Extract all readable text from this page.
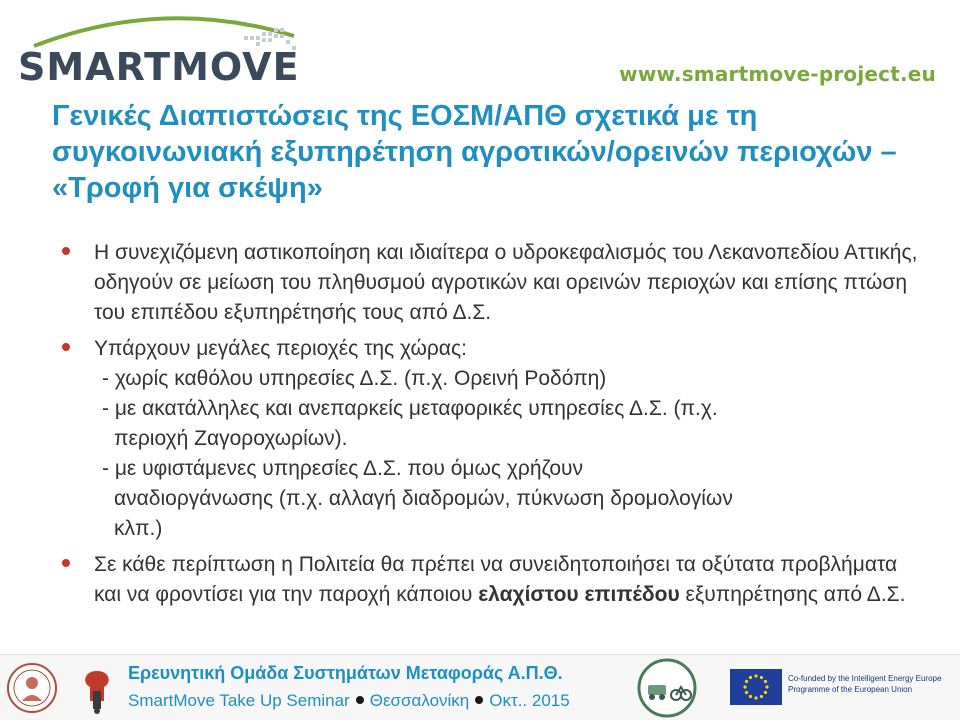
SMARTMOVE	www.smartmove-project.eu
Γενικές Διαπιστώσεις της ΕΟΣΜ/ΑΠΘ σχετικά με τη συγκοινωνιακή εξυπηρέτηση αγροτικών/ορεινών περιοχών – «Τροφή για σκέψη»
Η συνεχιζόμενη αστικοποίηση και ιδιαίτερα ο υδροκεφαλισμός του Λεκανοπεδίου Αττικής, οδηγούν σε μείωση του πληθυσμού αγροτικών και ορεινών περιοχών και επίσης πτώση του επιπέδου εξυπηρέτησής τους από Δ.Σ.
Υπάρχουν μεγάλες περιοχές της χώρας:
- χωρίς καθόλου υπηρεσίες Δ.Σ. (π.χ. Ορεινή Ροδόπη)
- με ακατάλληλες και ανεπαρκείς μεταφορικές υπηρεσίες Δ.Σ. (π.χ.
περιοχή Ζαγοροχωρίων).
- με υφιστάμενες υπηρεσίες Δ.Σ. που όμως χρήζουν
αναδιοργάνωσης (π.χ. αλλαγή διαδρομών, πύκνωση δρομολογίων
κλπ.)
Σε κάθε περίπτωση η Πολιτεία θα πρέπει να συνειδητοποιήσει τα οξύτατα προβλήματα και να φροντίσει για την παροχή κάποιου ελαχίστου επιπέδου εξυπηρέτησης από Δ.Σ.
Ερευνητική Ομάδα Συστημάτων Μεταφοράς Α.Π.Θ.
SmartMove Take Up Seminar Θεσσαλονίκη Οκτ.. 2015
Co-funded by the Intelligent Energy Europe Programme of the European Union
